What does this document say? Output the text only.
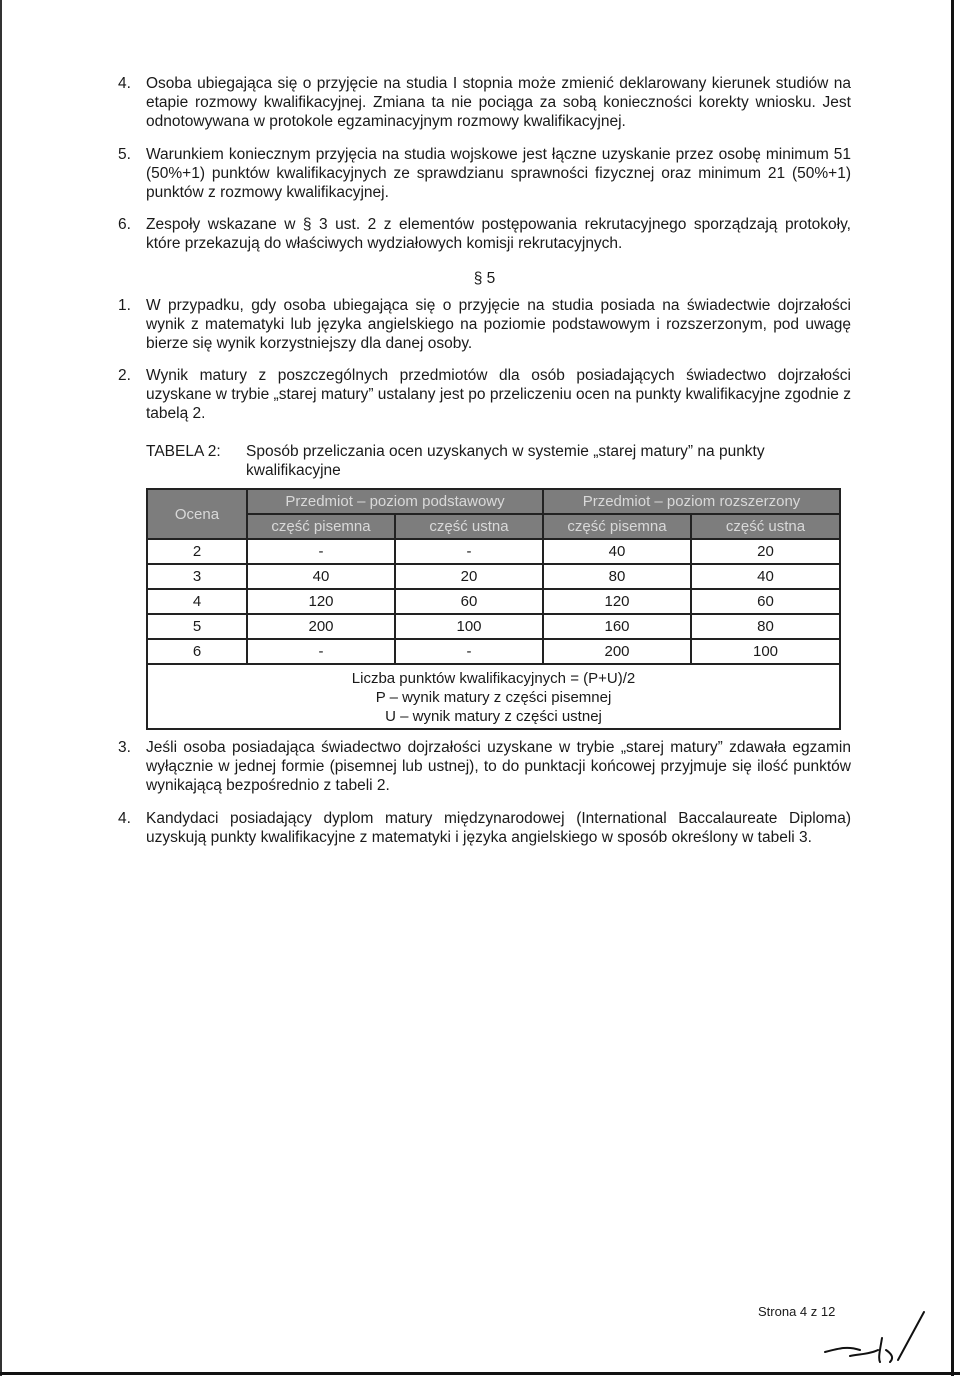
4. Osoba ubiegająca się o przyjęcie na studia I stopnia może zmienić deklarowany kierunek studiów na etapie rozmowy kwalifikacyjnej. Zmiana ta nie pociąga za sobą konieczności korekty wniosku. Jest odnotowywana w protokole egzaminacyjnym rozmowy kwalifikacyjnej.
5. Warunkiem koniecznym przyjęcia na studia wojskowe jest łączne uzyskanie przez osobę minimum 51 (50%+1) punktów kwalifikacyjnych ze sprawdzianu sprawności fizycznej oraz minimum 21 (50%+1) punktów z rozmowy kwalifikacyjnej.
6. Zespoły wskazane w § 3 ust. 2 z elementów postępowania rekrutacyjnego sporządzają protokoły, które przekazują do właściwych wydziałowych komisji rekrutacyjnych.
§ 5
1. W przypadku, gdy osoba ubiegająca się o przyjęcie na studia posiada na świadectwie dojrzałości wynik z matematyki lub języka angielskiego na poziomie podstawowym i rozszerzonym, pod uwagę bierze się wynik korzystniejszy dla danej osoby.
2. Wynik matury z poszczególnych przedmiotów dla osób posiadających świadectwo dojrzałości uzyskane w trybie „starej matury” ustalany jest po przeliczeniu ocen na punkty kwalifikacyjne zgodnie z tabelą 2.
TABELA 2:	Sposób przeliczania ocen uzyskanych w systemie „starej matury” na punkty kwalifikacyjne
Ocena	Przedmiot – poziom podstawowy		Przedmiot – poziom rozszerzony	
	część pisemna	część ustna	część pisemna	część ustna
2	-	-	40	20
3	40	20	80	40
4	120	60	120	60
5	200	100	160	80
6	-	-	200	100

Liczba punktów kwalifikacyjnych = (P+U)/2
P – wynik matury z części pisemnej
U – wynik matury z części ustnej				
3. Jeśli osoba posiadająca świadectwo dojrzałości uzyskane w trybie „starej matury” zdawała egzamin wyłącznie w jednej formie (pisemnej lub ustnej), to do punktacji końcowej przyjmuje się ilość punktów wynikającą bezpośrednio z tabeli 2.
4. Kandydaci posiadający dyplom matury międzynarodowej (International Baccalaureate Diploma) uzyskują punkty kwalifikacyjne z matematyki i języka angielskiego w sposób określony w tabeli 3.
Strona 4 z 12
